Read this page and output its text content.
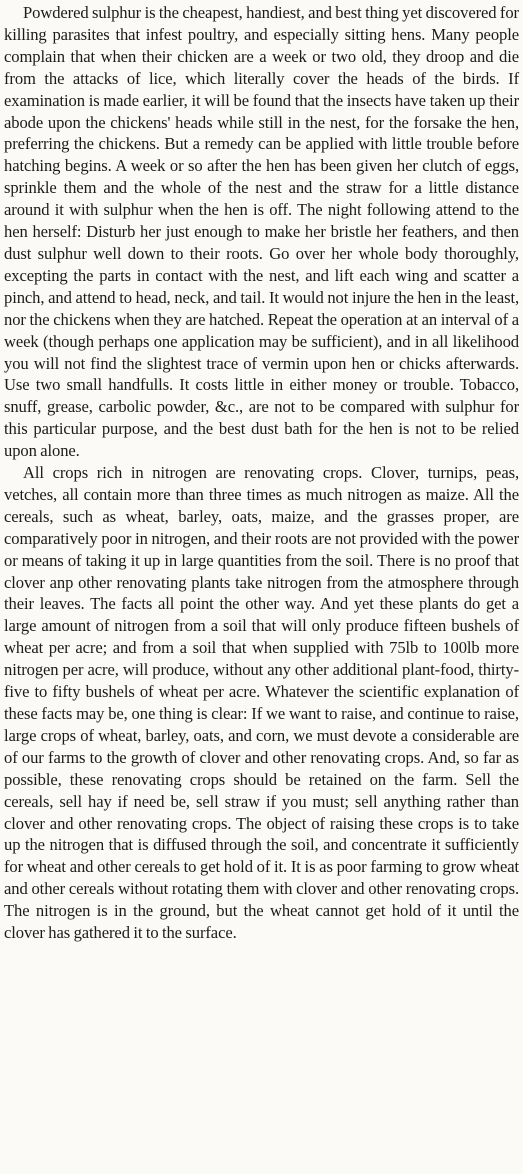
Powdered sulphur is the cheapest, handiest, and best thing yet discovered for killing parasites that infest poultry, and especially sitting hens. Many people complain that when their chicken are a week or two old, they droop and die from the attacks of lice, which literally cover the heads of the birds. If examination is made earlier, it will be found that the insects have taken up their abode upon the chickens' heads while still in the nest, for the forsake the hen, preferring the chickens. But a remedy can be applied with little trouble before hatching begins. A week or so after the hen has been given her clutch of eggs, sprinkle them and the whole of the nest and the straw for a little distance around it with sulphur when the hen is off. The night following attend to the hen herself: Disturb her just enough to make her bristle her feathers, and then dust sulphur well down to their roots. Go over her whole body thoroughly, excepting the parts in contact with the nest, and lift each wing and scatter a pinch, and attend to head, neck, and tail. It would not injure the hen in the least, nor the chickens when they are hatched. Repeat the operation at an interval of a week (though perhaps one application may be sufficient), and in all likelihood you will not find the slightest trace of vermin upon hen or chicks afterwards. Use two small handfulls. It costs little in either money or trouble. Tobacco, snuff, grease, carbolic powder, &c., are not to be compared with sulphur for this particular purpose, and the best dust bath for the hen is not to be relied upon alone.

All crops rich in nitrogen are renovating crops. Clover, turnips, peas, vetches, all contain more than three times as much nitrogen as maize. All the cereals, such as wheat, barley, oats, maize, and the grasses proper, are comparatively poor in nitrogen, and their roots are not provided with the power or means of taking it up in large quantities from the soil. There is no proof that clover anp other renovating plants take nitrogen from the atmosphere through their leaves. The facts all point the other way. And yet these plants do get a large amount of nitrogen from a soil that will only produce fifteen bushels of wheat per acre; and from a soil that when supplied with 75lb to 100lb more nitrogen per acre, will produce, without any other additional plant-food, thirty-five to fifty bushels of wheat per acre. Whatever the scientific explanation of these facts may be, one thing is clear: If we want to raise, and continue to raise, large crops of wheat, barley, oats, and corn, we must devote a considerable are of our farms to the growth of clover and other renovating crops. And, so far as possible, these renovating crops should be retained on the farm. Sell the cereals, sell hay if need be, sell straw if you must; sell anything rather than clover and other renovating crops. The object of raising these crops is to take up the nitrogen that is diffused through the soil, and concentrate it sufficiently for wheat and other cereals to get hold of it. It is as poor farming to grow wheat and other cereals without rotating them with clover and other renovating crops. The nitrogen is in the ground, but the wheat cannot get hold of it until the clover has gathered it to the surface.
